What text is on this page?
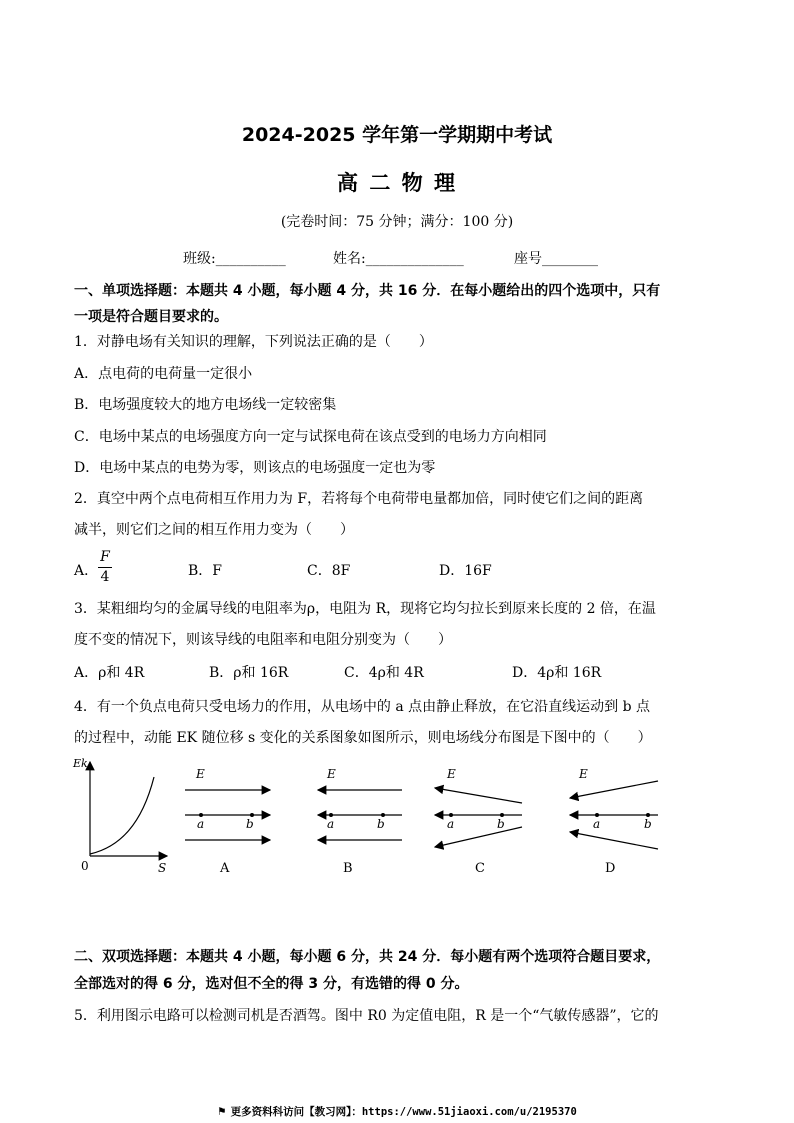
2024-2025 学年第一学期期中考试
高 二 物 理
(完卷时间：75 分钟；满分：100 分)
班级:__________	姓名:______________	座号________
一、单项选择题：本题共 4 小题，每小题 4 分，共 16 分．在每小题给出的四个选项中，只有
一项是符合题目要求的。
1．对静电场有关知识的理解，下列说法正确的是（　　）
A．点电荷的电荷量一定很小
B．电场强度较大的地方电场线一定较密集
C．电场中某点的电场强度方向一定与试探电荷在该点受到的电场力方向相同
D．电场中某点的电势为零，则该点的电场强度一定也为零
2．真空中两个点电荷相互作用力为 F，若将每个电荷带电量都加倍，同时使它们之间的距离
减半，则它们之间的相互作用力变为（　　）
A．	B．F	C．8F	D．16F
$\frac{F}{4}$
3．某粗细均匀的金属导线的电阻率为ρ，电阻为 R，现将它均匀拉长到原来长度的 2 倍，在温
度不变的情况下，则该导线的电阻率和电阻分别变为（　　）
A．ρ和 4R	B．ρ和 16R	C．4ρ和 4R	D．4ρ和 16R
4．有一个负点电荷只受电场力的作用，从电场中的 a 点由静止释放，在它沿直线运动到 b 点
的过程中，动能 EK 随位移 s 变化的关系图象如图所示，则电场线分布图是下图中的（　　）
Ek
S
0
E
a	b
A
E
a	b
B
E
a	b
C
E
a	b
D
二、双项选择题：本题共 4 小题，每小题 6 分，共 24 分．每小题有两个选项符合题目要求，
全部选对的得 6 分，选对但不全的得 3 分，有选错的得 0 分。
5．利用图示电路可以检测司机是否酒驾。图中 R0 为定值电阻，R 是一个“气敏传感器”，它的
⚑ 更多资料科访问【教习网】：https://www.51jiaoxi.com/u/2195370
